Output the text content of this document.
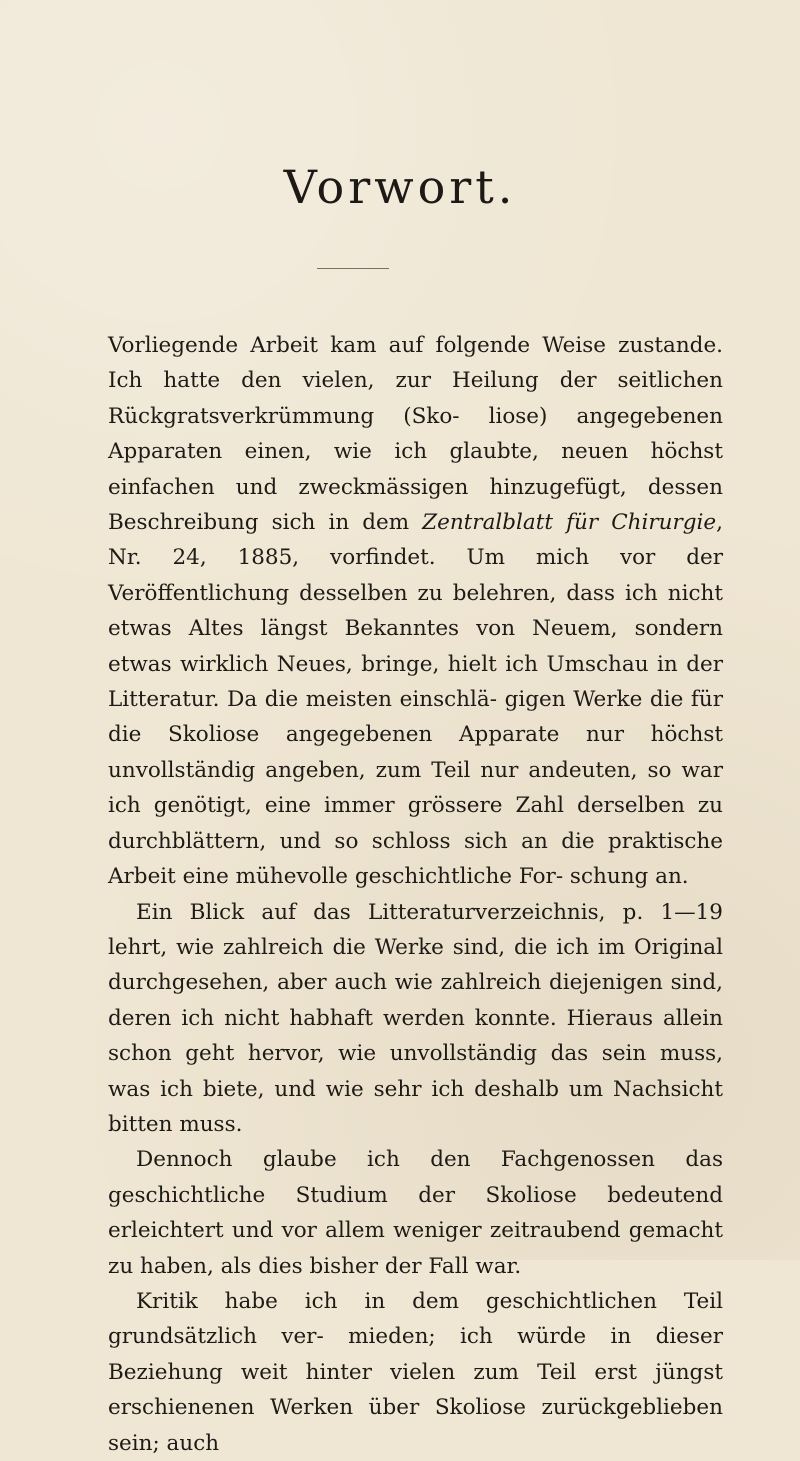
Vorwort.

Vorliegende Arbeit kam auf folgende Weise zustande. Ich hatte den vielen, zur Heilung der seitlichen Rückgratsverkrümmung (Sko- liose) angegebenen Apparaten einen, wie ich glaubte, neuen höchst einfachen und zweckmässigen hinzugefügt, dessen Beschreibung sich in dem Zentralblatt für Chirurgie, Nr. 24, 1885, vorfindet. Um mich vor der Veröffentlichung desselben zu belehren, dass ich nicht etwas Altes längst Bekanntes von Neuem, sondern etwas wirklich Neues, bringe, hielt ich Umschau in der Litteratur. Da die meisten einschlä- gigen Werke die für die Skoliose angegebenen Apparate nur höchst unvollständig angeben, zum Teil nur andeuten, so war ich genötigt, eine immer grössere Zahl derselben zu durchblättern, und so schloss sich an die praktische Arbeit eine mühevolle geschichtliche For- schung an.

Ein Blick auf das Litteraturverzeichnis, p. 1—19 lehrt, wie zahlreich die Werke sind, die ich im Original durchgesehen, aber auch wie zahlreich diejenigen sind, deren ich nicht habhaft werden konnte. Hieraus allein schon geht hervor, wie unvollständig das sein muss, was ich biete, und wie sehr ich deshalb um Nachsicht bitten muss.

Dennoch glaube ich den Fachgenossen das geschichtliche Studium der Skoliose bedeutend erleichtert und vor allem weniger zeitraubend gemacht zu haben, als dies bisher der Fall war.

Kritik habe ich in dem geschichtlichen Teil grundsätzlich ver- mieden; ich würde in dieser Beziehung weit hinter vielen zum Teil erst jüngst erschienenen Werken über Skoliose zurückgeblieben sein; auch
